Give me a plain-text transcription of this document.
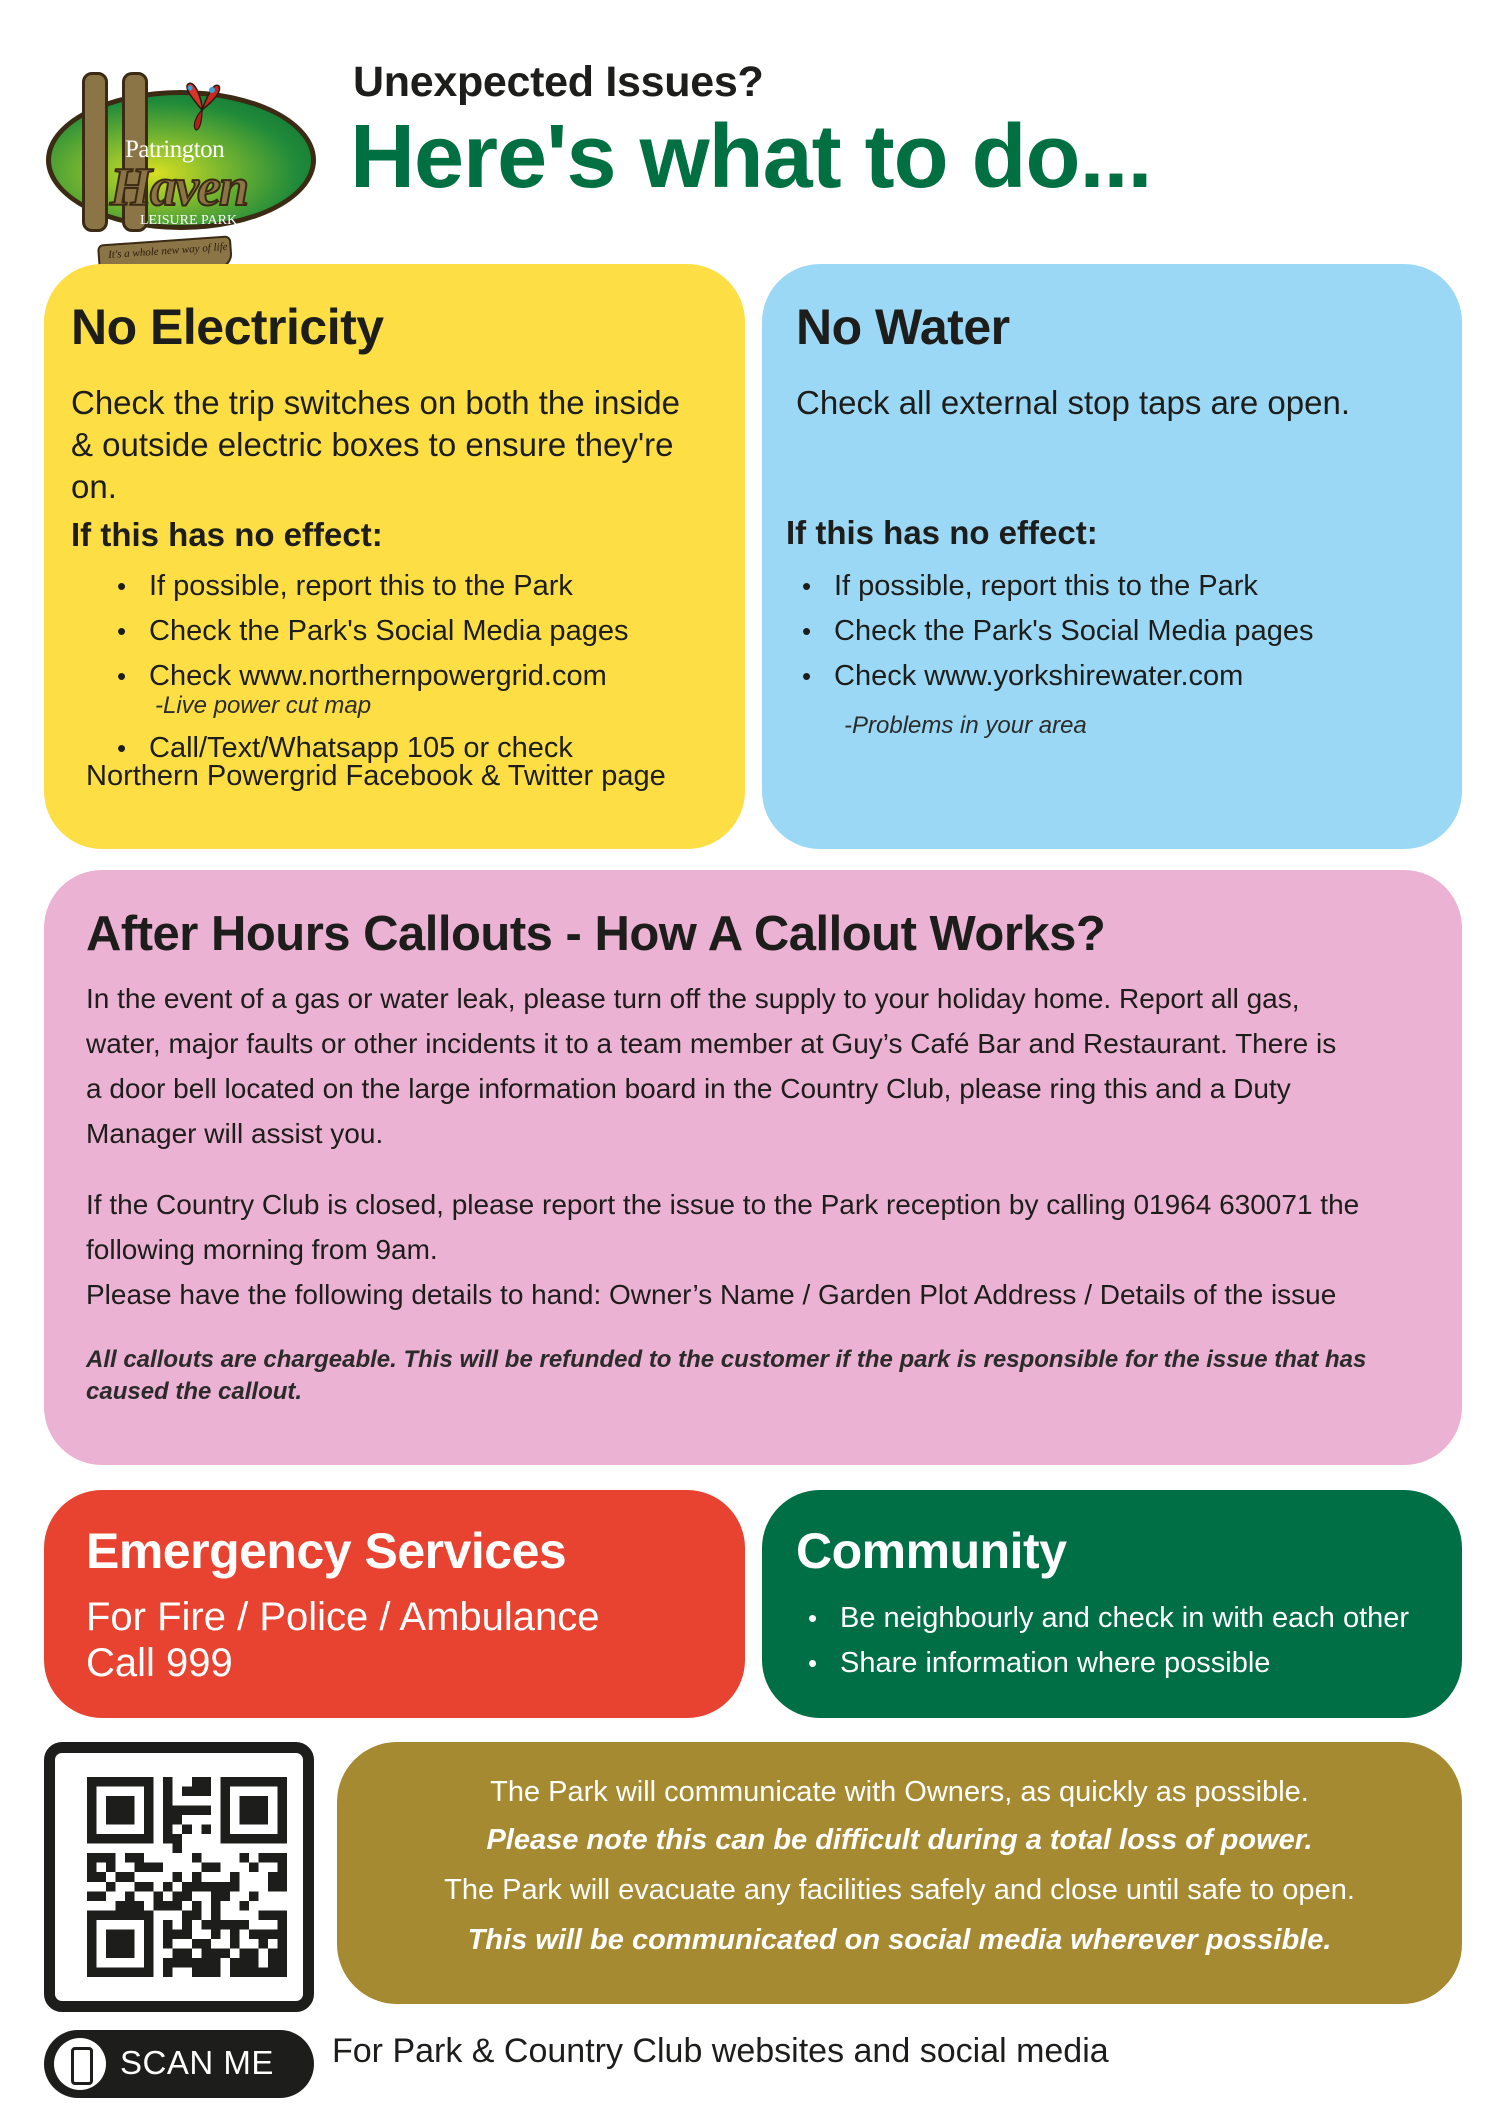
Patrington
Haven
LEISURE PARK
It's a whole new way of life
Unexpected Issues?
Here's what to do...
No Electricity
Check the trip switches on both the inside & outside electric boxes to ensure they're on.
If this has no effect:
• If possible, report this to the Park
• Check the Park's Social Media pages
• Check www.northernpowergrid.com
-Live power cut map
• Call/Text/Whatsapp 105 or check
Northern Powergrid Facebook & Twitter page
No Water
Check all external stop taps are open.
If this has no effect:
• If possible, report this to the Park
• Check the Park's Social Media pages
• Check www.yorkshirewater.com
-Problems in your area
After Hours Callouts - How A Callout Works?
In the event of a gas or water leak, please turn off the supply to your holiday home. Report all gas,
water, major faults or other incidents it to a team member at Guy’s Café Bar and Restaurant. There is
a door bell located on the large information board in the Country Club, please ring this and a Duty
Manager will assist you.
If the Country Club is closed, please report the issue to the Park reception by calling 01964 630071 the
following morning from 9am.
Please have the following details to hand: Owner’s Name / Garden Plot Address / Details of the issue
All callouts are chargeable. This will be refunded to the customer if the park is responsible for the issue that has
caused the callout.
Emergency Services
For Fire / Police / Ambulance
Call 999
Community
• Be neighbourly and check in with each other
• Share information where possible
The Park will communicate with Owners, as quickly as possible.
Please note this can be difficult during a total loss of power.
The Park will evacuate any facilities safely and close until safe to open.
This will be communicated on social media wherever possible.
SCAN ME For Park & Country Club websites and social media
